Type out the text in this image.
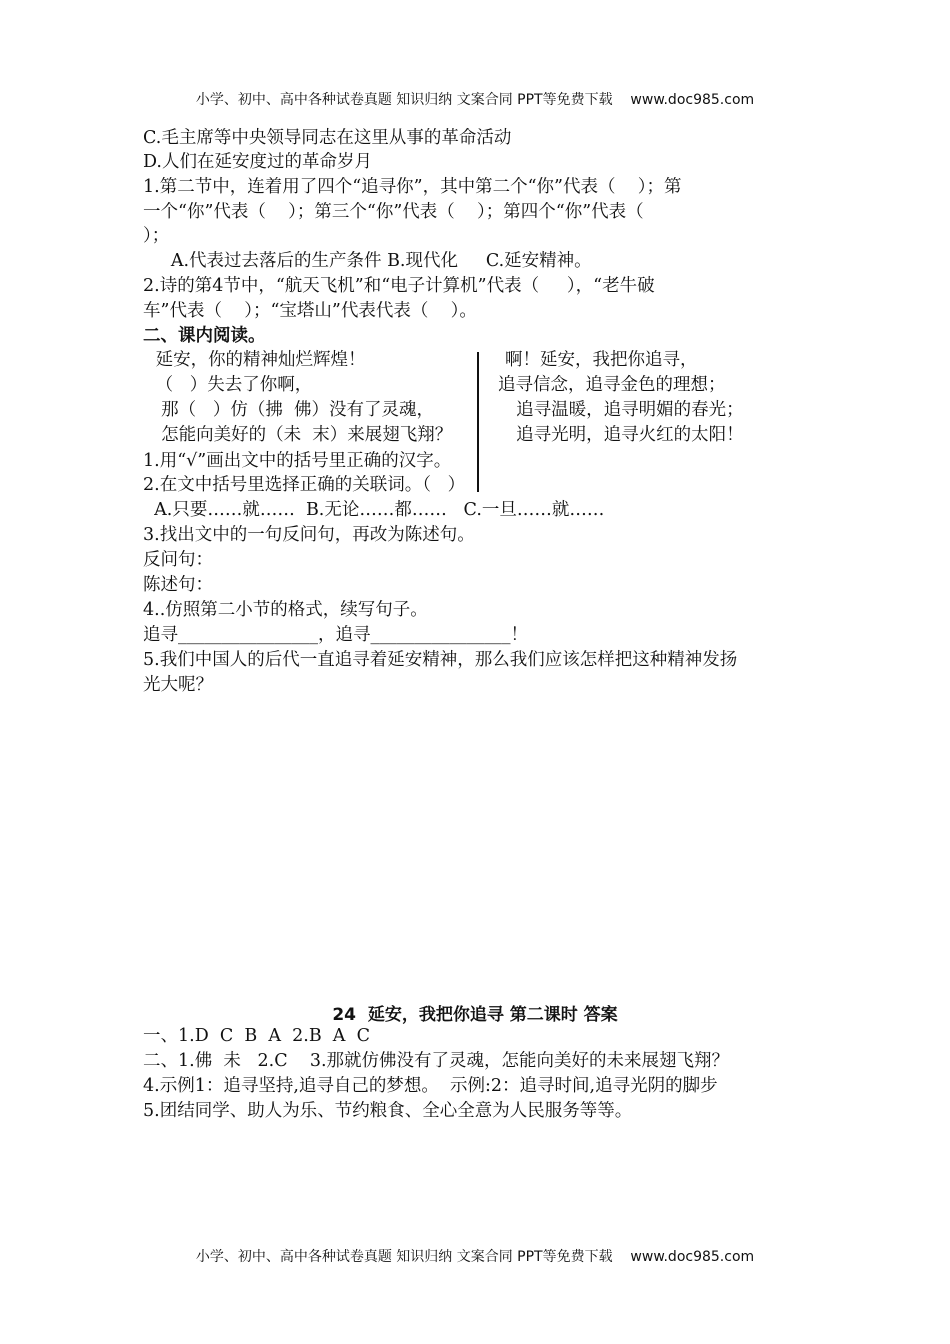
小学、初中、高中各种试卷真题 知识归纳 文案合同 PPT等免费下载    www.doc985.com
C.毛主席等中央领导同志在这里从事的革命活动
D.人们在延安度过的革命岁月
1.第二节中，连着用了四个“追寻你”，其中第二个“你”代表（    ）；第
一个“你”代表（    ）；第三个“你”代表（    ）；第四个“你”代表（
）；
A.代表过去落后的生产条件 B.现代化     C.延安精神。
2.诗的第4节中，“航天飞机”和“电子计算机”代表（     ），“老牛破
车”代表（    ）；“宝塔山”代表代表（    ）。
二、课内阅读。
延安，你的精神灿烂辉煌！
（   ）失去了你啊，
那（   ）仿（拂  佛）没有了灵魂，
怎能向美好的（未  末）来展翅飞翔？
啊！延安，我把你追寻，
追寻信念，追寻金色的理想；
追寻温暖，追寻明媚的春光；
追寻光明，追寻火红的太阳！
1.用“√”画出文中的括号里正确的汉字。
2.在文中括号里选择正确的关联词。（   ）
A.只要……就……  B.无论……都……   C.一旦……就……
3.找出文中的一句反问句，再改为陈述句。
反问句：
陈述句：
4..仿照第二小节的格式，续写句子。
追寻________________，追寻________________！
5.我们中国人的后代一直追寻着延安精神，那么我们应该怎样把这种精神发扬
光大呢？
24  延安，我把你追寻 第二课时 答案
一、1.D  C  B  A  2.B  A  C
二、1.佛  未   2.C    3.那就仿佛没有了灵魂，怎能向美好的未来展翅飞翔？
4.示例1：追寻坚持,追寻自己的梦想。  示例:2：追寻时间,追寻光阴的脚步
5.团结同学、助人为乐、节约粮食、全心全意为人民服务等等。
小学、初中、高中各种试卷真题 知识归纳 文案合同 PPT等免费下载    www.doc985.com
